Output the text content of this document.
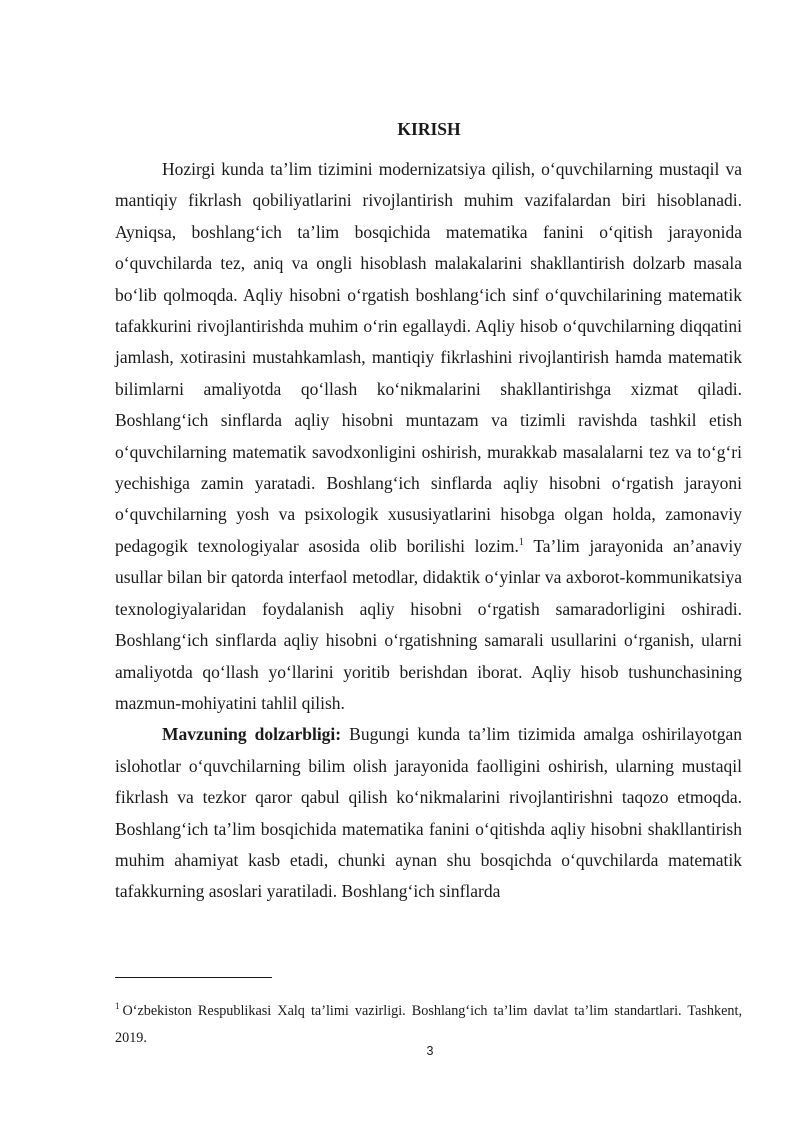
KIRISH

Hozirgi kunda ta’lim tizimini modernizatsiya qilish, o‘quvchilarning mustaqil va mantiqiy fikrlash qobiliyatlarini rivojlantirish muhim vazifalardan biri hisoblanadi. Ayniqsa, boshlang‘ich ta’lim bosqichida matematika fanini o‘qitish jarayonida o‘quvchilarda tez, aniq va ongli hisoblash malakalarini shakllantirish dolzarb masala bo‘lib qolmoqda. Aqliy hisobni o‘rgatish boshlang‘ich sinf o‘quvchilarining matematik tafakkurini rivojlantirishda muhim o‘rin egallaydi. Aqliy hisob o‘quvchilarning diqqatini jamlash, xotirasini mustahkamlash, mantiqiy fikrlashini rivojlantirish hamda matematik bilimlarni amaliyotda qo‘llash ko‘nikmalarini shakllantirishga xizmat qiladi. Boshlang‘ich sinflarda aqliy hisobni muntazam va tizimli ravishda tashkil etish o‘quvchilarning matematik savodxonligini oshirish, murakkab masalalarni tez va to‘g‘ri yechishiga zamin yaratadi. Boshlang‘ich sinflarda aqliy hisobni o‘rgatish jarayoni o‘quvchilarning yosh va psixologik xususiyatlarini hisobga olgan holda, zamonaviy pedagogik texnologiyalar asosida olib borilishi lozim.$^1$ Ta’lim jarayonida an’anaviy usullar bilan bir qatorda interfaol metodlar, didaktik o‘yinlar va axborot-kommunikatsiya texnologiyalaridan foydalanish aqliy hisobni o‘rgatish samaradorligini oshiradi. Boshlang‘ich sinflarda aqliy hisobni o‘rgatishning samarali usullarini o‘rganish, ularni amaliyotda qo‘llash yo‘llarini yoritib berishdan iborat. Aqliy hisob tushunchasining mazmun-mohiyatini tahlil qilish.

Mavzuning dolzarbligi: Bugungi kunda ta’lim tizimida amalga oshirilayotgan islohotlar o‘quvchilarning bilim olish jarayonida faolligini oshirish, ularning mustaqil fikrlash va tezkor qaror qabul qilish ko‘nikmalarini rivojlantirishni taqozo etmoqda. Boshlang‘ich ta’lim bosqichida matematika fanini o‘qitishda aqliy hisobni shakllantirish muhim ahamiyat kasb etadi, chunki aynan shu bosqichda o‘quvchilarda matematik tafakkurning asoslari yaratiladi. Boshlang‘ich sinflarda

$^1$ O‘zbekiston Respublikasi Xalq ta’limi vazirligi. Boshlang‘ich ta’lim davlat ta’lim standartlari. Tashkent, 2019.
3
